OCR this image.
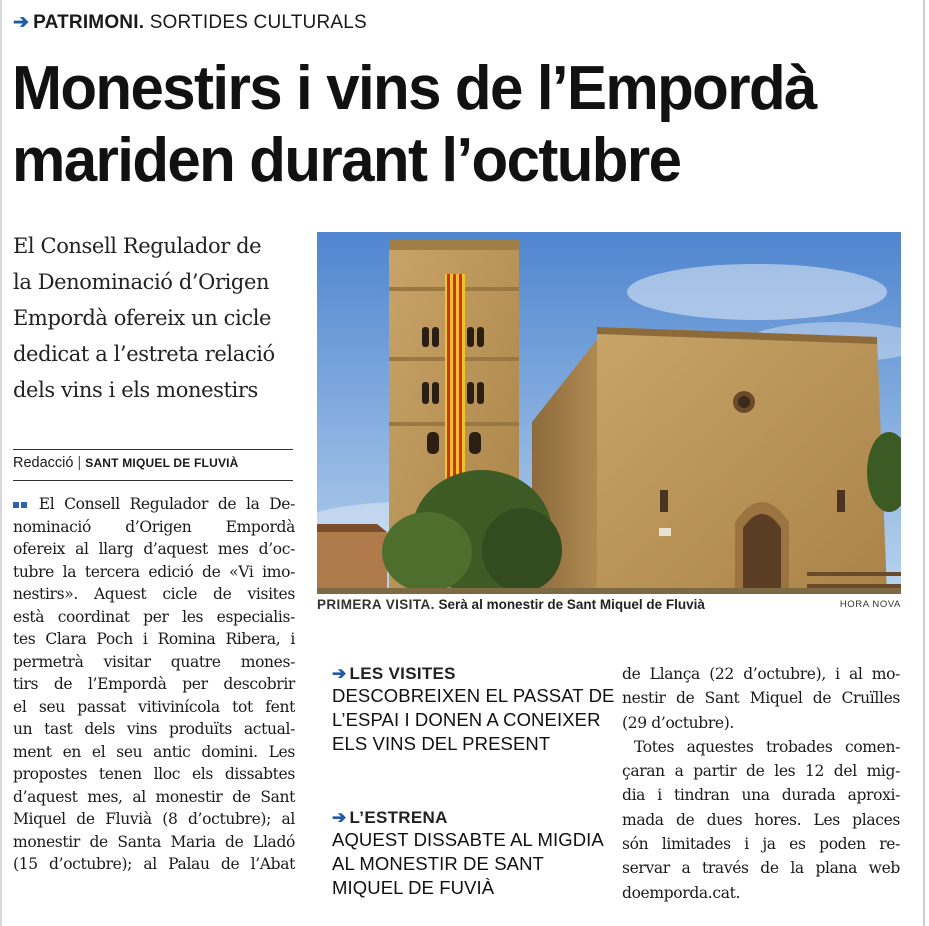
➔ PATRIMONI. SORTIDES CULTURALS
Monestirs i vins de l’Empordà
mariden durant l’octubre
El Consell Regulador de
la Denominació d’Origen
Empordà ofereix un cicle
dedicat a l’estreta relació
dels vins i els monestirs
Redacció | SANT MIQUEL DE FLUVIÀ
El Consell Regulador de la De-
nominació d’Origen Empordà
ofereix al llarg d’aquest mes d’oc-
tubre la tercera edició de «Vi imo-
nestirs». Aquest cicle de visites
està coordinat per les especialis-
tes Clara Poch i Romina Ribera, i
permetrà visitar quatre mones-
tirs de l’Empordà per descobrir
el seu passat vitivinícola tot fent
un tast dels vins produïts actual-
ment en el seu antic domini. Les
propostes tenen lloc els dissabtes
d’aquest mes, al monestir de Sant
Miquel de Fluvià (8 d’octubre); al
monestir de Santa Maria de Lladó
(15 d’octubre); al Palau de l’Abat
PRIMERA VISITA. Serà al monestir de Sant Miquel de Fluvià	HORA NOVA
➔ LES VISITES
DESCOBREIXEN EL PASSAT DE
L’ESPAI I DONEN A CONEIXER
ELS VINS DEL PRESENT
➔ L’ESTRENA
AQUEST DISSABTE AL MIGDIA
AL MONESTIR DE SANT
MIQUEL DE FUVIÀ
de Llança (22 d’octubre), i al mo-
nestir de Sant Miquel de Cruïlles
(29 d’octubre).
Totes aquestes trobades comen-
çaran a partir de les 12 del mig-
dia i tindran una durada aproxi-
mada de dues hores. Les places
són limitades i ja es poden re-
servar a través de la plana web
doemporda.cat.
